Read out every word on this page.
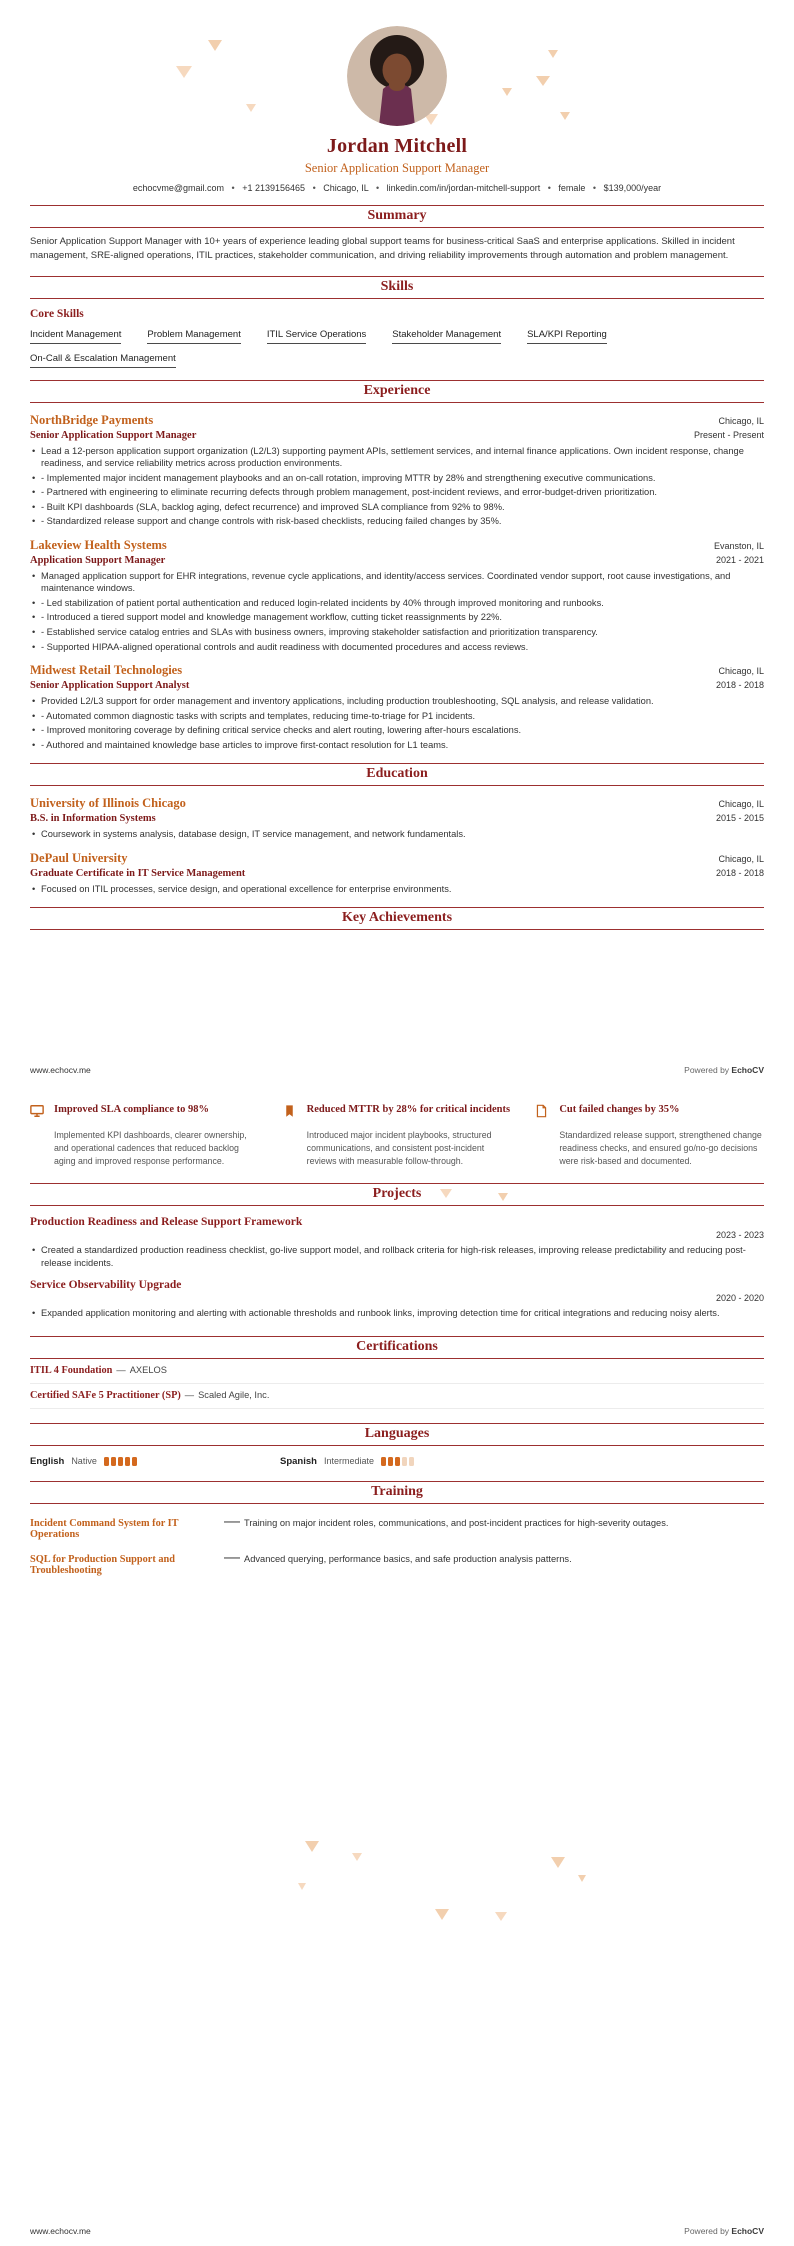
Jordan Mitchell
Senior Application Support Manager
echocvme@gmail.com • +1 2139156465 • Chicago, IL • linkedin.com/in/jordan-mitchell-support • female • $139,000/year
Summary

Senior Application Support Manager with 10+ years of experience leading global support teams for business-critical SaaS and enterprise applications. Skilled in incident management, SRE-aligned operations, ITIL practices, stakeholder communication, and driving reliability improvements through automation and problem management.

Skills
Core Skills
Incident Management	Problem Management	ITIL Service Operations	Stakeholder Management	SLA/KPI Reporting
On-Call & Escalation Management
Experience
NorthBridge Payments	Chicago, IL
Senior Application Support Manager	Present - Present
• Lead a 12-person application support organization (L2/L3) supporting payment APIs, settlement services, and internal finance applications. Own incident response, change readiness, and service reliability metrics across production environments.
• - Implemented major incident management playbooks and an on-call rotation, improving MTTR by 28% and strengthening executive communications.
• - Partnered with engineering to eliminate recurring defects through problem management, post-incident reviews, and error-budget-driven prioritization.
• - Built KPI dashboards (SLA, backlog aging, defect recurrence) and improved SLA compliance from 92% to 98%.
• - Standardized release support and change controls with risk-based checklists, reducing failed changes by 35%.
Lakeview Health Systems	Evanston, IL
Application Support Manager	2021 - 2021
• Managed application support for EHR integrations, revenue cycle applications, and identity/access services. Coordinated vendor support, root cause investigations, and maintenance windows.
• - Led stabilization of patient portal authentication and reduced login-related incidents by 40% through improved monitoring and runbooks.
• - Introduced a tiered support model and knowledge management workflow, cutting ticket reassignments by 22%.
• - Established service catalog entries and SLAs with business owners, improving stakeholder satisfaction and prioritization transparency.
• - Supported HIPAA-aligned operational controls and audit readiness with documented procedures and access reviews.
Midwest Retail Technologies	Chicago, IL
Senior Application Support Analyst	2018 - 2018
• Provided L2/L3 support for order management and inventory applications, including production troubleshooting, SQL analysis, and release validation.
• - Automated common diagnostic tasks with scripts and templates, reducing time-to-triage for P1 incidents.
• - Improved monitoring coverage by defining critical service checks and alert routing, lowering after-hours escalations.
• - Authored and maintained knowledge base articles to improve first-contact resolution for L1 teams.
Education
University of Illinois Chicago	Chicago, IL
B.S. in Information Systems	2015 - 2015
• Coursework in systems analysis, database design, IT service management, and network fundamentals.
DePaul University	Chicago, IL
Graduate Certificate in IT Service Management	2018 - 2018
• Focused on ITIL processes, service design, and operational excellence for enterprise environments.
Key Achievements
www.echocv.me	Powered by EchoCV
Improved SLA compliance to 98%

Implemented KPI dashboards, clearer ownership, and operational cadences that reduced backlog aging and improved response performance.

Reduced MTTR by 28% for critical incidents

Introduced major incident playbooks, structured communications, and consistent post-incident reviews with measurable follow-through.

Cut failed changes by 35%

Standardized release support, strengthened change readiness checks, and ensured go/no-go decisions were risk-based and documented.

Projects
Production Readiness and Release Support Framework
2023 - 2023
• Created a standardized production readiness checklist, go-live support model, and rollback criteria for high-risk releases, improving release predictability and reducing post-release incidents.
Service Observability Upgrade
2020 - 2020
• Expanded application monitoring and alerting with actionable thresholds and runbook links, improving detection time for critical integrations and reducing noisy alerts.
Certifications
ITIL 4 Foundation — AXELOS
Certified SAFe 5 Practitioner (SP) — Scaled Agile, Inc.
Languages
English Native	Spanish Intermediate
Training
Incident Command System for IT Operations
— Training on major incident roles, communications, and post-incident practices for high-severity outages.
SQL for Production Support and Troubleshooting
— Advanced querying, performance basics, and safe production analysis patterns.
www.echocv.me	Powered by EchoCV
